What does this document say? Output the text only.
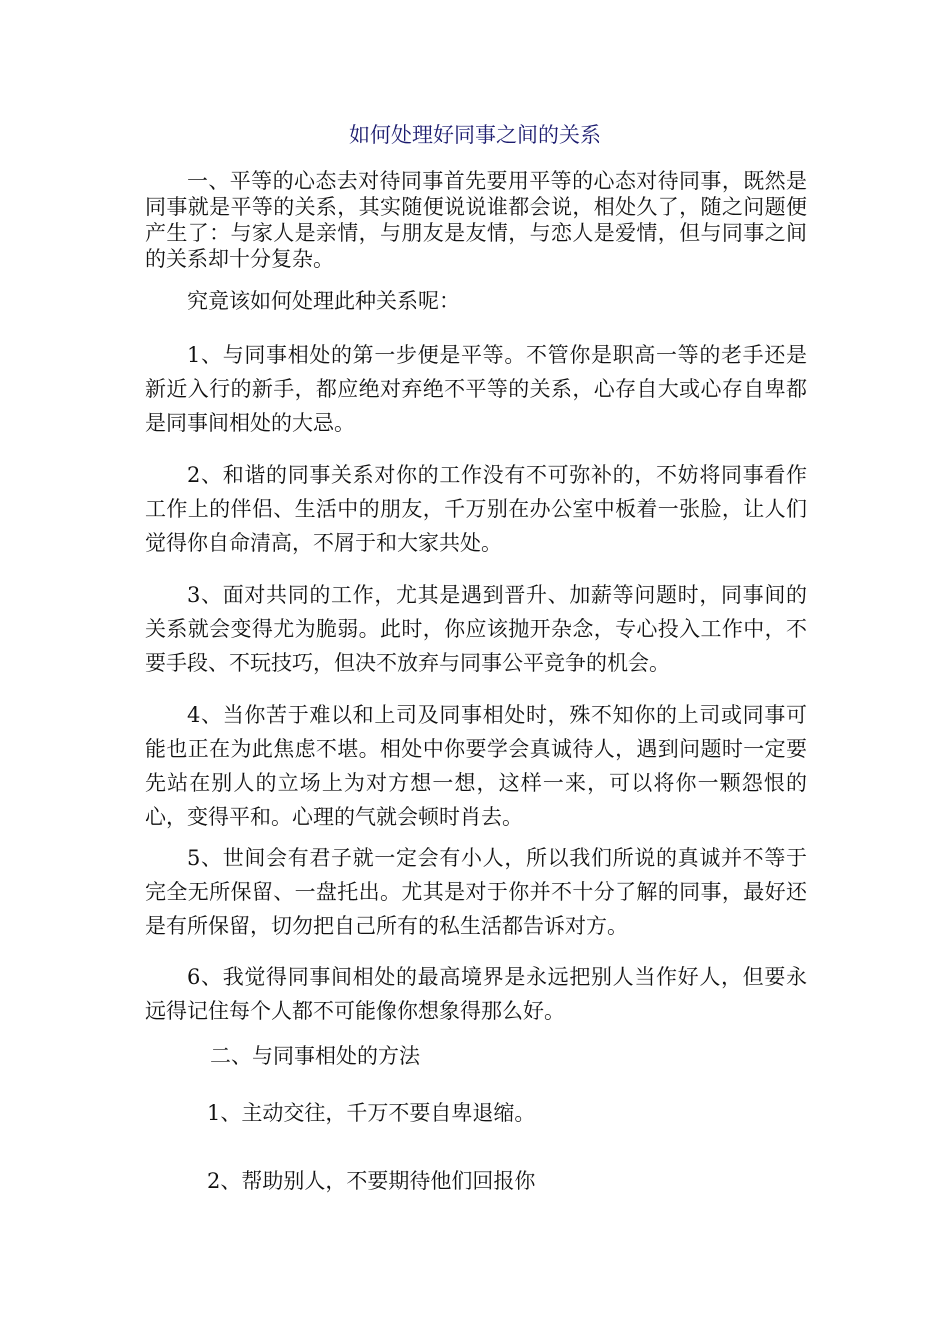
如何处理好同事之间的关系

一、平等的心态去对待同事首先要用平等的心态对待同事，既然是同事就是平等的关系，其实随便说说谁都会说，相处久了，随之问题便产生了：与家人是亲情，与朋友是友情，与恋人是爱情，但与同事之间的关系却十分复杂。

究竟该如何处理此种关系呢：

1、与同事相处的第一步便是平等。不管你是职高一等的老手还是新近入行的新手，都应绝对弃绝不平等的关系，心存自大或心存自卑都是同事间相处的大忌。

2、和谐的同事关系对你的工作没有不可弥补的，不妨将同事看作工作上的伴侣、生活中的朋友，千万别在办公室中板着一张脸，让人们觉得你自命清高，不屑于和大家共处。

3、面对共同的工作，尤其是遇到晋升、加薪等问题时，同事间的关系就会变得尤为脆弱。此时，你应该抛开杂念，专心投入工作中，不要手段、不玩技巧，但决不放弃与同事公平竞争的机会。

4、当你苦于难以和上司及同事相处时，殊不知你的上司或同事可能也正在为此焦虑不堪。相处中你要学会真诚待人，遇到问题时一定要先站在别人的立场上为对方想一想，这样一来，可以将你一颗怨恨的心，变得平和。心理的气就会顿时肖去。

5、世间会有君子就一定会有小人，所以我们所说的真诚并不等于完全无所保留、一盘托出。尤其是对于你并不十分了解的同事，最好还是有所保留，切勿把自己所有的私生活都告诉对方。

6、我觉得同事间相处的最高境界是永远把别人当作好人，但要永远得记住每个人都不可能像你想象得那么好。

二、与同事相处的方法

1、主动交往，千万不要自卑退缩。

2、帮助别人，不要期待他们回报你
